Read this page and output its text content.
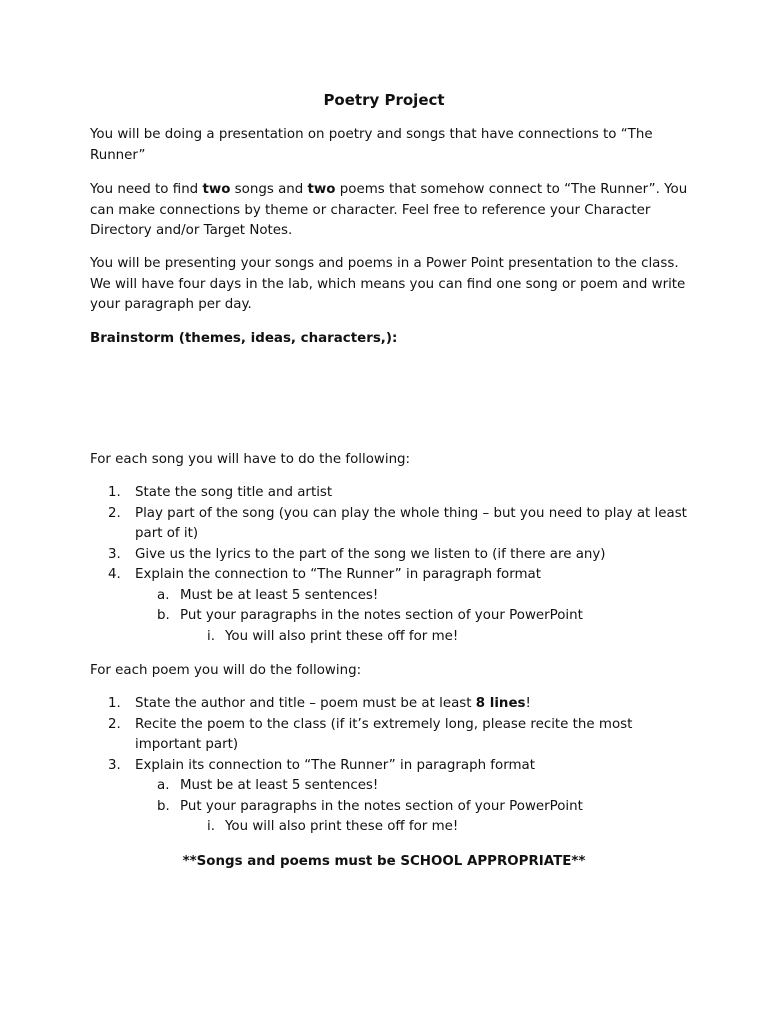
Poetry Project

You will be doing a presentation on poetry and songs that have connections to “The Runner”

You need to find two songs and two poems that somehow connect to “The Runner”. You can make connections by theme or character. Feel free to reference your Character Directory and/or Target Notes.

You will be presenting your songs and poems in a Power Point presentation to the class. We will have four days in the lab, which means you can find one song or poem and write your paragraph per day.

Brainstorm (themes, ideas, characters,):

For each song you will have to do the following:

1. State the song title and artist
2. Play part of the song (you can play the whole thing – but you need to play at least part of it)
3. Give us the lyrics to the part of the song we listen to (if there are any)
4. Explain the connection to “The Runner” in paragraph format
a. Must be at least 5 sentences!
b. Put your paragraphs in the notes section of your PowerPoint
i. You will also print these off for me!

For each poem you will do the following:

1. State the author and title – poem must be at least 8 lines!
2. Recite the poem to the class (if it’s extremely long, please recite the most important part)
3. Explain its connection to “The Runner” in paragraph format
a. Must be at least 5 sentences!
b. Put your paragraphs in the notes section of your PowerPoint
i. You will also print these off for me!

**Songs and poems must be SCHOOL APPROPRIATE**
